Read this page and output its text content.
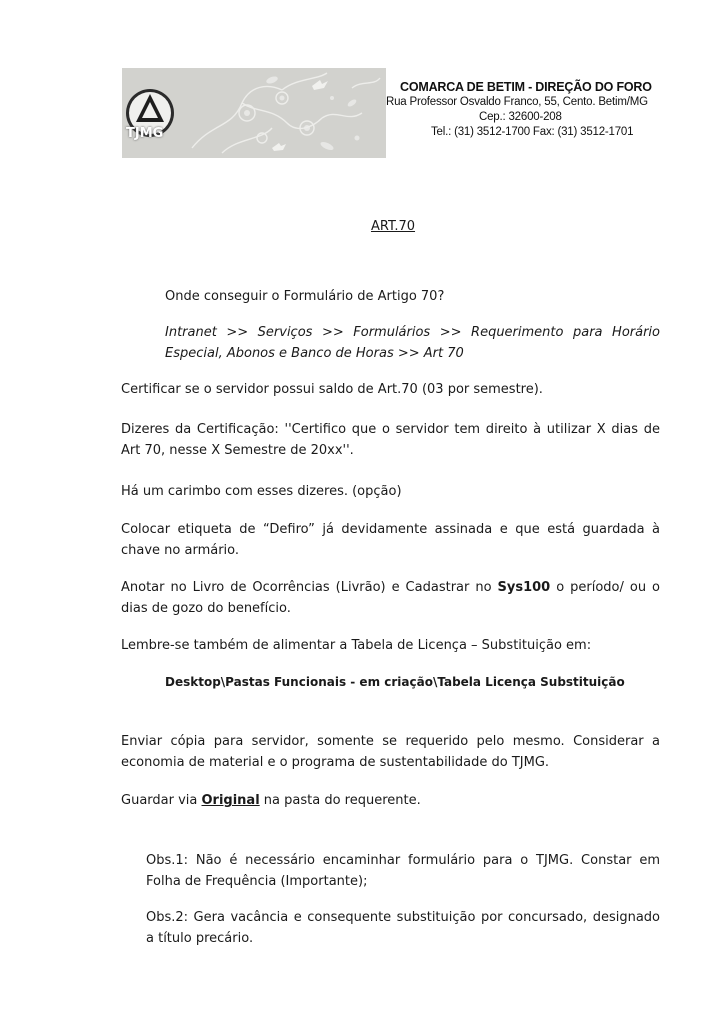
TJMG
COMARCA DE BETIM - DIREÇÃO DO FORO
Rua Professor Osvaldo Franco, 55, Cento. Betim/MG
Cep.: 32600-208
Tel.: (31) 3512-1700 Fax: (31) 3512-1701
ART.70
Onde conseguir o Formulário de Artigo 70?
Intranet >> Serviços >> Formulários >> Requerimento para Horário Especial, Abonos e Banco de Horas >> Art 70
Certificar se o servidor possui saldo de Art.70 (03 por semestre).
Dizeres da Certificação: ''Certifico que o servidor tem direito à utilizar X dias de Art 70, nesse X Semestre de 20xx''.
Há um carimbo com esses dizeres. (opção)
Colocar etiqueta de “Defiro” já devidamente assinada e que está guardada à chave no armário.
Anotar no Livro de Ocorrências (Livrão) e Cadastrar no Sys100 o período/ ou o dias de gozo do benefício.
Lembre-se também de alimentar a Tabela de Licença – Substituição em:
Desktop\Pastas Funcionais - em criação\Tabela Licença Substituição
Enviar cópia para servidor, somente se requerido pelo mesmo. Considerar a economia de material e o programa de sustentabilidade do TJMG.
Guardar via Original na pasta do requerente.
Obs.1: Não é necessário encaminhar formulário para o TJMG. Constar em Folha de Frequência (Importante);
Obs.2: Gera vacância e consequente substituição por concursado, designado a título precário.
